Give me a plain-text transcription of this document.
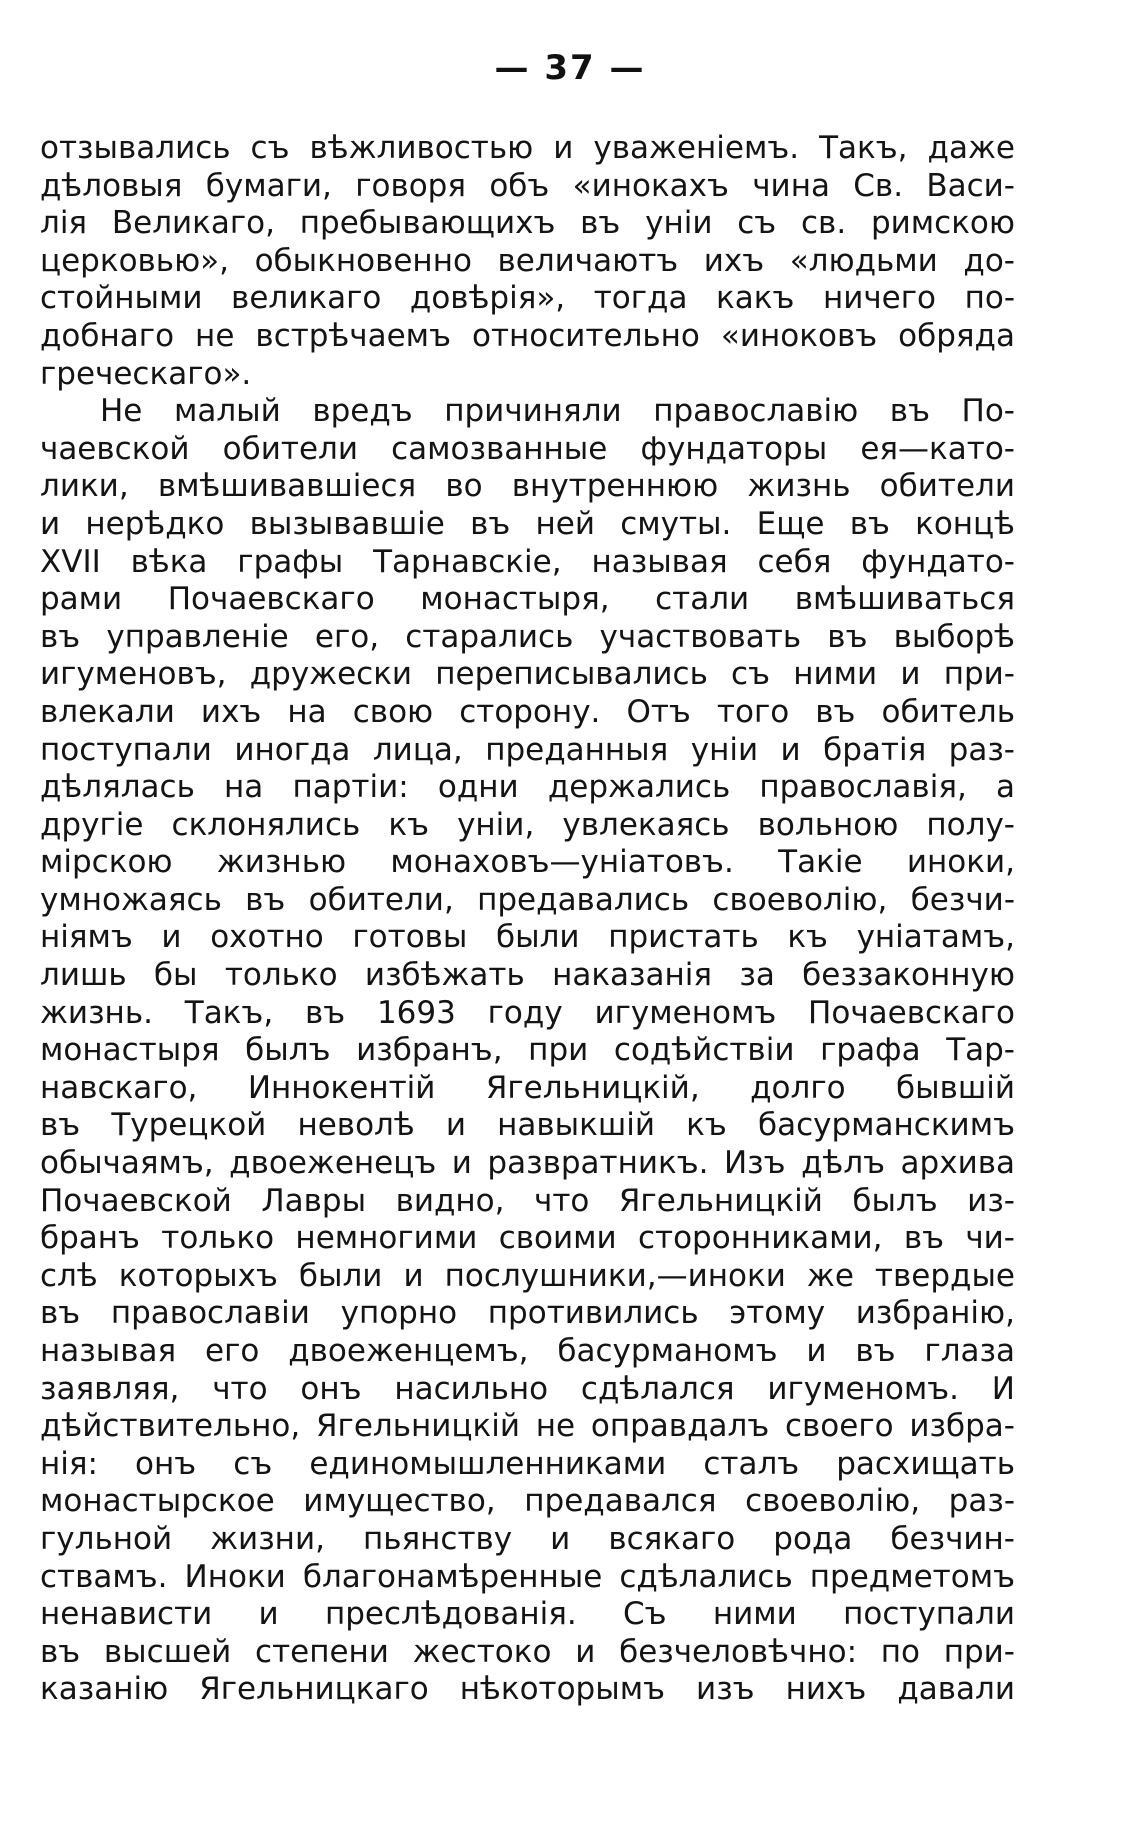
— 37 —
отзывались съ вѣжливостью и уваженіемъ. Такъ, даже
дѣловыя бумаги, говоря объ «инокахъ чина Св. Васи-
лія Великаго, пребывающихъ въ уніи съ св. римскою
церковью», обыкновенно величаютъ ихъ «людьми до-
стойными великаго довѣрія», тогда какъ ничего по-
добнаго не встрѣчаемъ относительно «иноковъ обряда
греческаго».
Не малый вредъ причиняли православію въ По-
чаевской обители самозванные фундаторы ея—като-
лики, вмѣшивавшіеся во внутреннюю жизнь обители
и нерѣдко вызывавшіе въ ней смуты. Еще въ концѣ
XVII вѣка графы Тарнавскіе, называя себя фундато-
рами Почаевскаго монастыря, стали вмѣшиваться
въ управленіе его, старались участвовать въ выборѣ
игуменовъ, дружески переписывались съ ними и при-
влекали ихъ на свою сторону. Отъ того въ обитель
поступали иногда лица, преданныя уніи и братія раз-
дѣлялась на партіи: одни держались православія, а
другіе склонялись къ уніи, увлекаясь вольною полу-
мірскою жизнью монаховъ—уніатовъ. Такіе иноки,
умножаясь въ обители, предавались своеволію, безчи-
ніямъ и охотно готовы были пристать къ уніатамъ,
лишь бы только избѣжать наказанія за беззаконную
жизнь. Такъ, въ 1693 году игуменомъ Почаевскаго
монастыря былъ избранъ, при содѣйствіи графа Тар-
навскаго, Иннокентій Ягельницкій, долго бывшій
въ Турецкой неволѣ и навыкшій къ басурманскимъ
обычаямъ, двоеженецъ и развратникъ. Изъ дѣлъ архива
Почаевской Лавры видно, что Ягельницкій былъ из-
бранъ только немногими своими сторонниками, въ чи-
слѣ которыхъ были и послушники,—иноки же твердые
въ православіи упорно противились этому избранію,
называя его двоеженцемъ, басурманомъ и въ глаза
заявляя, что онъ насильно сдѣлался игуменомъ. И
дѣйствительно, Ягельницкій не оправдалъ своего избра-
нія: онъ съ единомышленниками сталъ расхищать
монастырское имущество, предавался своеволію, раз-
гульной жизни, пьянству и всякаго рода безчин-
ствамъ. Иноки благонамѣренные сдѣлались предметомъ
ненависти и преслѣдованія. Съ ними поступали
въ высшей степени жестоко и безчеловѣчно: по при-
казанію Ягельницкаго нѣкоторымъ изъ нихъ давали
